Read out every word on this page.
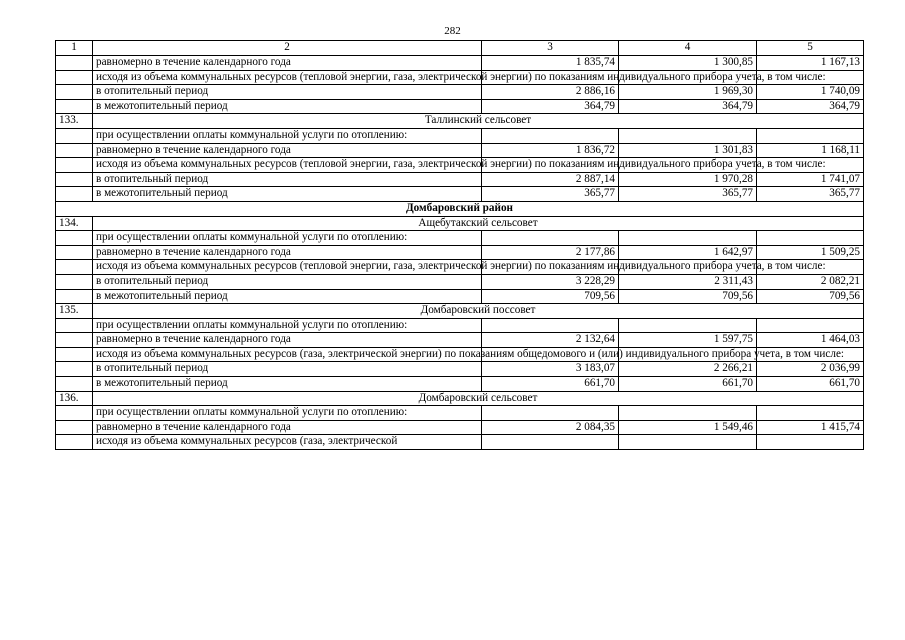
282
1	2	3	4	5
	равномерно в течение календарного года	1 835,74	1 300,85	1 167,13
	исходя из объема коммунальных ресурсов (тепловой энергии, газа, электрической энергии) по показаниям индивидуального прибора учета, в том числе:			
	в отопительный период	2 886,16	1 969,30	1 740,09
	в межотопительный период	364,79	364,79	364,79
133.	Таллинский сельсовет			
	при осуществлении оплаты коммунальной услуги по отоплению:			
	равномерно в течение календарного года	1 836,72	1 301,83	1 168,11
	исходя из объема коммунальных ресурсов (тепловой энергии, газа, электрической энергии) по показаниям индивидуального прибора учета, в том числе:			
	в отопительный период	2 887,14	1 970,28	1 741,07
	в межотопительный период	365,77	365,77	365,77
Домбаровский район				
134.	Ащебутакский сельсовет			
	при осуществлении оплаты коммунальной услуги по отоплению:			
	равномерно в течение календарного года	2 177,86	1 642,97	1 509,25
	исходя из объема коммунальных ресурсов (тепловой энергии, газа, электрической энергии) по показаниям индивидуального прибора учета, в том числе:			
	в отопительный период	3 228,29	2 311,43	2 082,21
	в межотопительный период	709,56	709,56	709,56
135.	Домбаровский поссовет			
	при осуществлении оплаты коммунальной услуги по отоплению:			
	равномерно в течение календарного года	2 132,64	1 597,75	1 464,03
	исходя из объема коммунальных ресурсов (газа, электрической энергии) по показаниям общедомового и (или) индивидуального прибора учета, в том числе:			
	в отопительный период	3 183,07	2 266,21	2 036,99
	в межотопительный период	661,70	661,70	661,70
136.	Домбаровский сельсовет			
	при осуществлении оплаты коммунальной услуги по отоплению:			
	равномерно в течение календарного года	2 084,35	1 549,46	1 415,74
	исходя из объема коммунальных ресурсов (газа, электрической			
